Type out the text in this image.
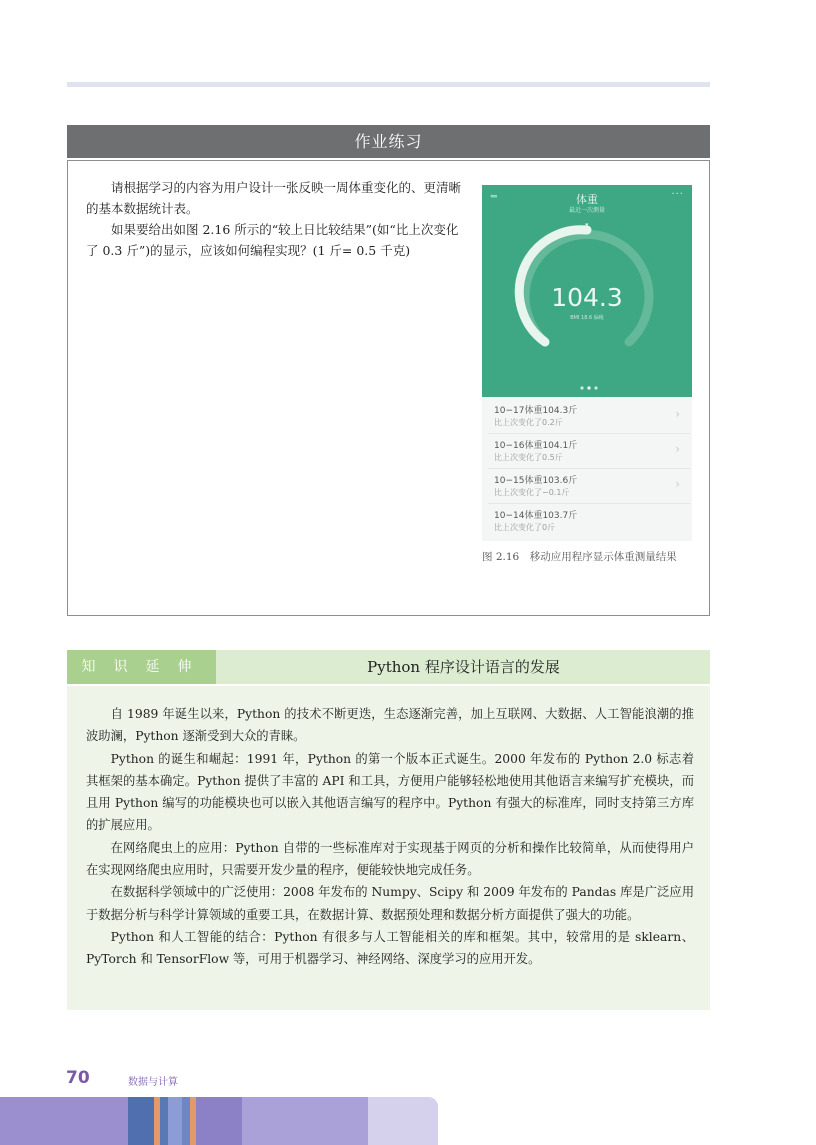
作业练习

请根据学习的内容为用户设计一张反映一周体重变化的、更清晰的基本数据统计表。

如果要给出如图 2.16 所示的“较上日比较结果”(如“比上次变化了 0.3 斤”)的显示，应该如何编程实现？(1 斤= 0.5 千克)

⇐	体重
最近一次测量
···
▾
104.3
BMI 18.6 偏瘦
10−17体重104.3斤
比上次变化了0.2斤
›
10−16体重104.1斤
比上次变化了0.5斤
›
10−15体重103.6斤
比上次变化了−0.1斤
›
10−14体重103.7斤
比上次变化了0斤
图 2.16　移动应用程序显示体重测量结果
知识延伸	Python 程序设计语言的发展

自 1989 年诞生以来，Python 的技术不断更迭，生态逐渐完善，加上互联网、大数据、人工智能浪潮的推波助澜，Python 逐渐受到大众的青睐。

Python 的诞生和崛起：1991 年，Python 的第一个版本正式诞生。2000 年发布的 Python 2.0 标志着其框架的基本确定。Python 提供了丰富的 API 和工具，方便用户能够轻松地使用其他语言来编写扩充模块，而且用 Python 编写的功能模块也可以嵌入其他语言编写的程序中。Python 有强大的标准库，同时支持第三方库的扩展应用。

在网络爬虫上的应用：Python 自带的一些标准库对于实现基于网页的分析和操作比较简单，从而使得用户在实现网络爬虫应用时，只需要开发少量的程序，便能较快地完成任务。

在数据科学领域中的广泛使用：2008 年发布的 Numpy、Scipy 和 2009 年发布的 Pandas 库是广泛应用于数据分析与科学计算领域的重要工具，在数据计算、数据预处理和数据分析方面提供了强大的功能。

Python 和人工智能的结合：Python 有很多与人工智能相关的库和框架。其中，较常用的是 sklearn、PyTorch 和 TensorFlow 等，可用于机器学习、神经网络、深度学习的应用开发。

70	数据与计算
